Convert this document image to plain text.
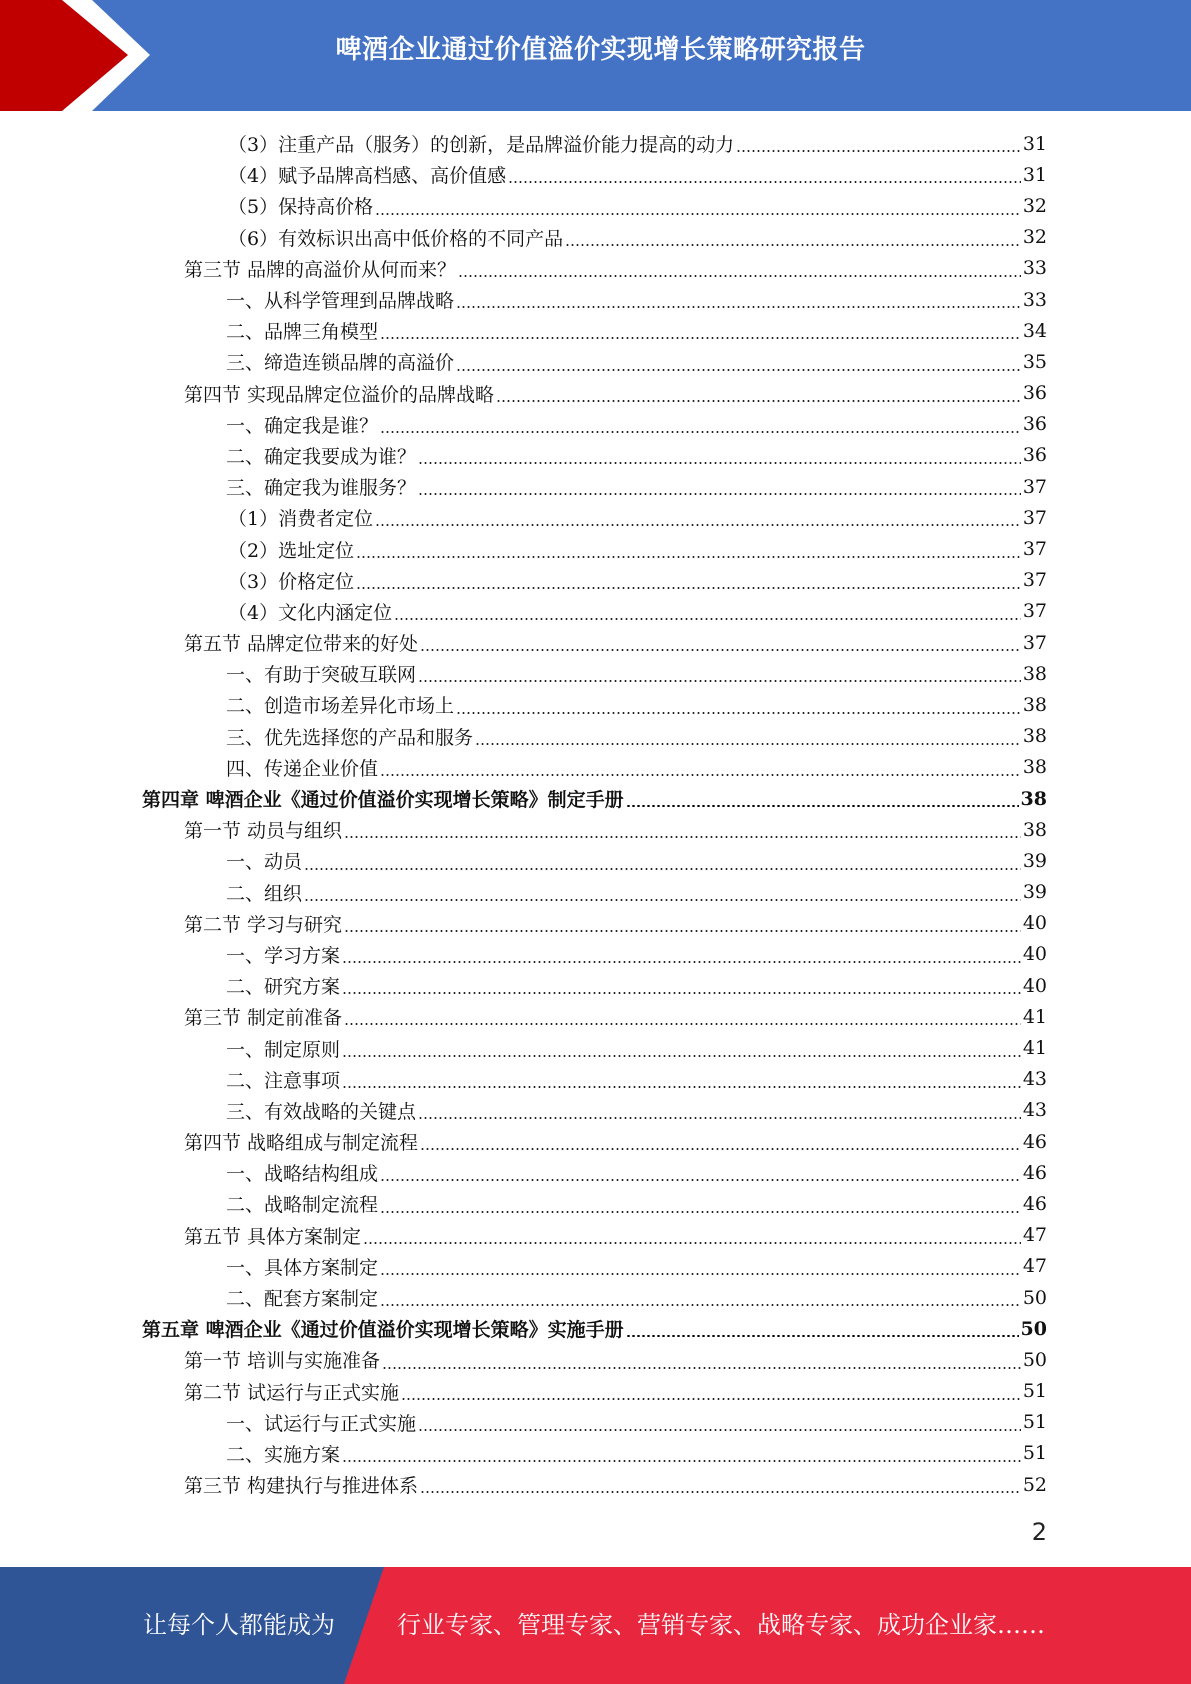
啤酒企业通过价值溢价实现增长策略研究报告
（3）注重产品（服务）的创新，是品牌溢价能力提高的动力	31
（4）赋予品牌高档感、高价值感	31
（5）保持高价格	32
（6）有效标识出高中低价格的不同产品	32
第三节 品牌的高溢价从何而来？	33
一、从科学管理到品牌战略	33
二、品牌三角模型	34
三、缔造连锁品牌的高溢价	35
第四节 实现品牌定位溢价的品牌战略	36
一、确定我是谁？	36
二、确定我要成为谁？	36
三、确定我为谁服务？	37
（1）消费者定位	37
（2）选址定位	37
（3）价格定位	37
（4）文化内涵定位	37
第五节 品牌定位带来的好处	37
一、有助于突破互联网	38
二、创造市场差异化市场上	38
三、优先选择您的产品和服务	38
四、传递企业价值	38
第四章 啤酒企业《通过价值溢价实现增长策略》制定手册	38
第一节 动员与组织	38
一、动员	39
二、组织	39
第二节 学习与研究	40
一、学习方案	40
二、研究方案	40
第三节 制定前准备	41
一、制定原则	41
二、注意事项	43
三、有效战略的关键点	43
第四节 战略组成与制定流程	46
一、战略结构组成	46
二、战略制定流程	46
第五节 具体方案制定	47
一、具体方案制定	47
二、配套方案制定	50
第五章 啤酒企业《通过价值溢价实现增长策略》实施手册	50
第一节 培训与实施准备	50
第二节 试运行与正式实施	51
一、试运行与正式实施	51
二、实施方案	51
第三节 构建执行与推进体系	52
2
让每个人都能成为	行业专家、管理专家、营销专家、战略专家、成功企业家……
